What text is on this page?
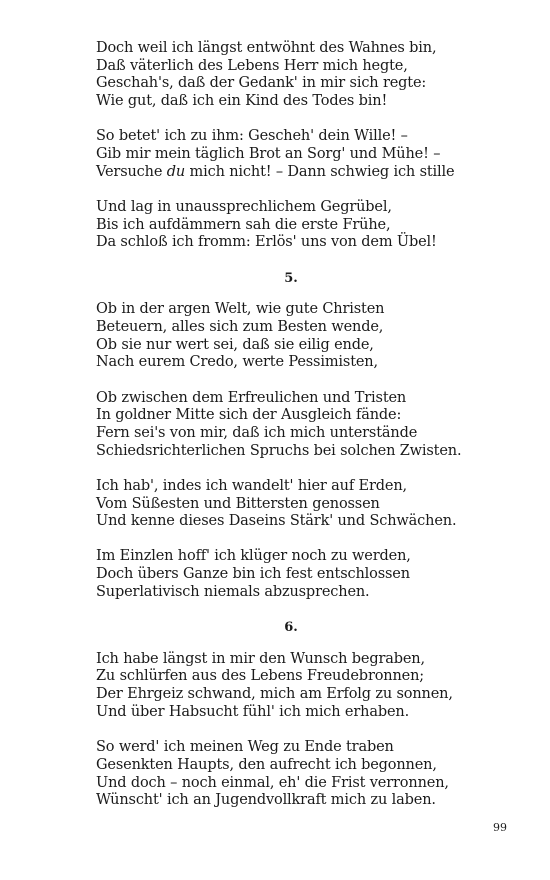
Doch weil ich längst entwöhnt des Wahnes bin,
Daß väterlich des Lebens Herr mich hegte,
Geschah's, daß der Gedank' in mir sich regte:
Wie gut, daß ich ein Kind des Todes bin!
So betet' ich zu ihm: Gescheh' dein Wille! –
Gib mir mein täglich Brot an Sorg' und Mühe! –
Versuche du mich nicht! – Dann schwieg ich stille
Und lag in unaussprechlichem Gegrübel,
Bis ich aufdämmern sah die erste Frühe,
Da schloß ich fromm: Erlös' uns von dem Übel!
5.
Ob in der argen Welt, wie gute Christen
Beteuern, alles sich zum Besten wende,
Ob sie nur wert sei, daß sie eilig ende,
Nach eurem Credo, werte Pessimisten,
Ob zwischen dem Erfreulichen und Tristen
In goldner Mitte sich der Ausgleich fände:
Fern sei's von mir, daß ich mich unterstände
Schiedsrichterlichen Spruchs bei solchen Zwisten.
Ich hab', indes ich wandelt' hier auf Erden,
Vom Süßesten und Bittersten genossen
Und kenne dieses Daseins Stärk' und Schwächen.
Im Einzlen hoff' ich klüger noch zu werden,
Doch übers Ganze bin ich fest entschlossen
Superlativisch niemals abzusprechen.
6.
Ich habe längst in mir den Wunsch begraben,
Zu schlürfen aus des Lebens Freudebronnen;
Der Ehrgeiz schwand, mich am Erfolg zu sonnen,
Und über Habsucht fühl' ich mich erhaben.
So werd' ich meinen Weg zu Ende traben
Gesenkten Haupts, den aufrecht ich begonnen,
Und doch – noch einmal, eh' die Frist verronnen,
Wünscht' ich an Jugendvollkraft mich zu laben.
99
